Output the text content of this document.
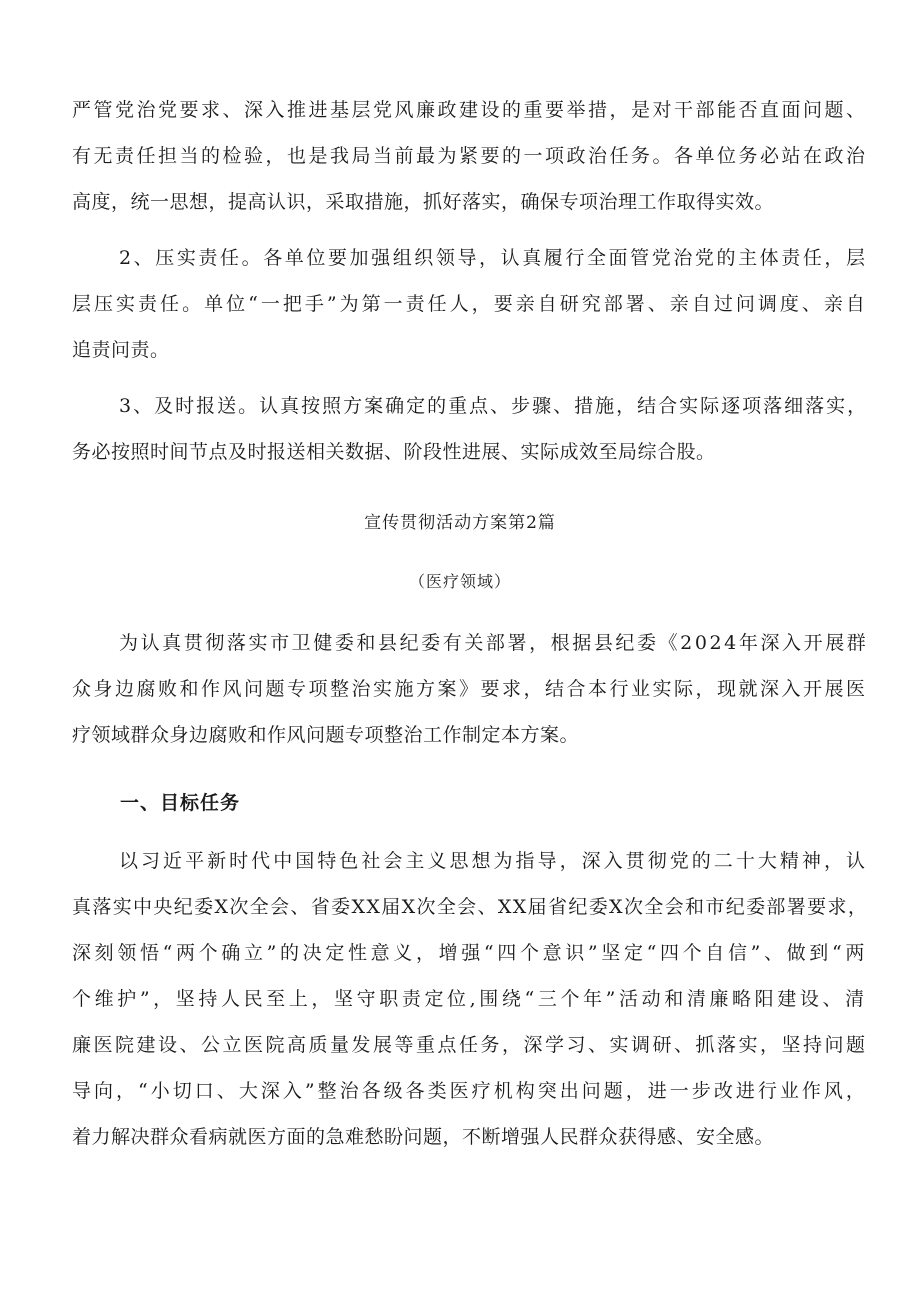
严管党治党要求、深入推进基层党风廉政建设的重要举措，是对干部能否直面问题、
有无责任担当的检验，也是我局当前最为紧要的一项政治任务。各单位务必站在政治
高度，统一思想，提高认识，采取措施，抓好落实，确保专项治理工作取得实效。
2、压实责任。各单位要加强组织领导，认真履行全面管党治党的主体责任，层
层压实责任。单位“一把手”为第一责任人，要亲自研究部署、亲自过问调度、亲自
追责问责。
3、及时报送。认真按照方案确定的重点、步骤、措施，结合实际逐项落细落实，
务必按照时间节点及时报送相关数据、阶段性进展、实际成效至局综合股。

宣传贯彻活动方案第2篇

（医疗领域）

为认真贯彻落实市卫健委和县纪委有关部署，根据县纪委《2024年深入开展群
众身边腐败和作风问题专项整治实施方案》要求，结合本行业实际，现就深入开展医
疗领域群众身边腐败和作风问题专项整治工作制定本方案。

一、目标任务

以习近平新时代中国特色社会主义思想为指导，深入贯彻党的二十大精神，认
真落实中央纪委X次全会、省委XX届X次全会、XX届省纪委X次全会和市纪委部署要求，
深刻领悟“两个确立”的决定性意义，增强“四个意识”坚定“四个自信”、做到“两
个维护”，坚持人民至上，坚守职责定位,围绕“三个年”活动和清廉略阳建设、清
廉医院建设、公立医院高质量发展等重点任务，深学习、实调研、抓落实，坚持问题
导向，“小切口、大深入”整治各级各类医疗机构突出问题，进一步改进行业作风，
着力解决群众看病就医方面的急难愁盼问题，不断增强人民群众获得感、安全感。
